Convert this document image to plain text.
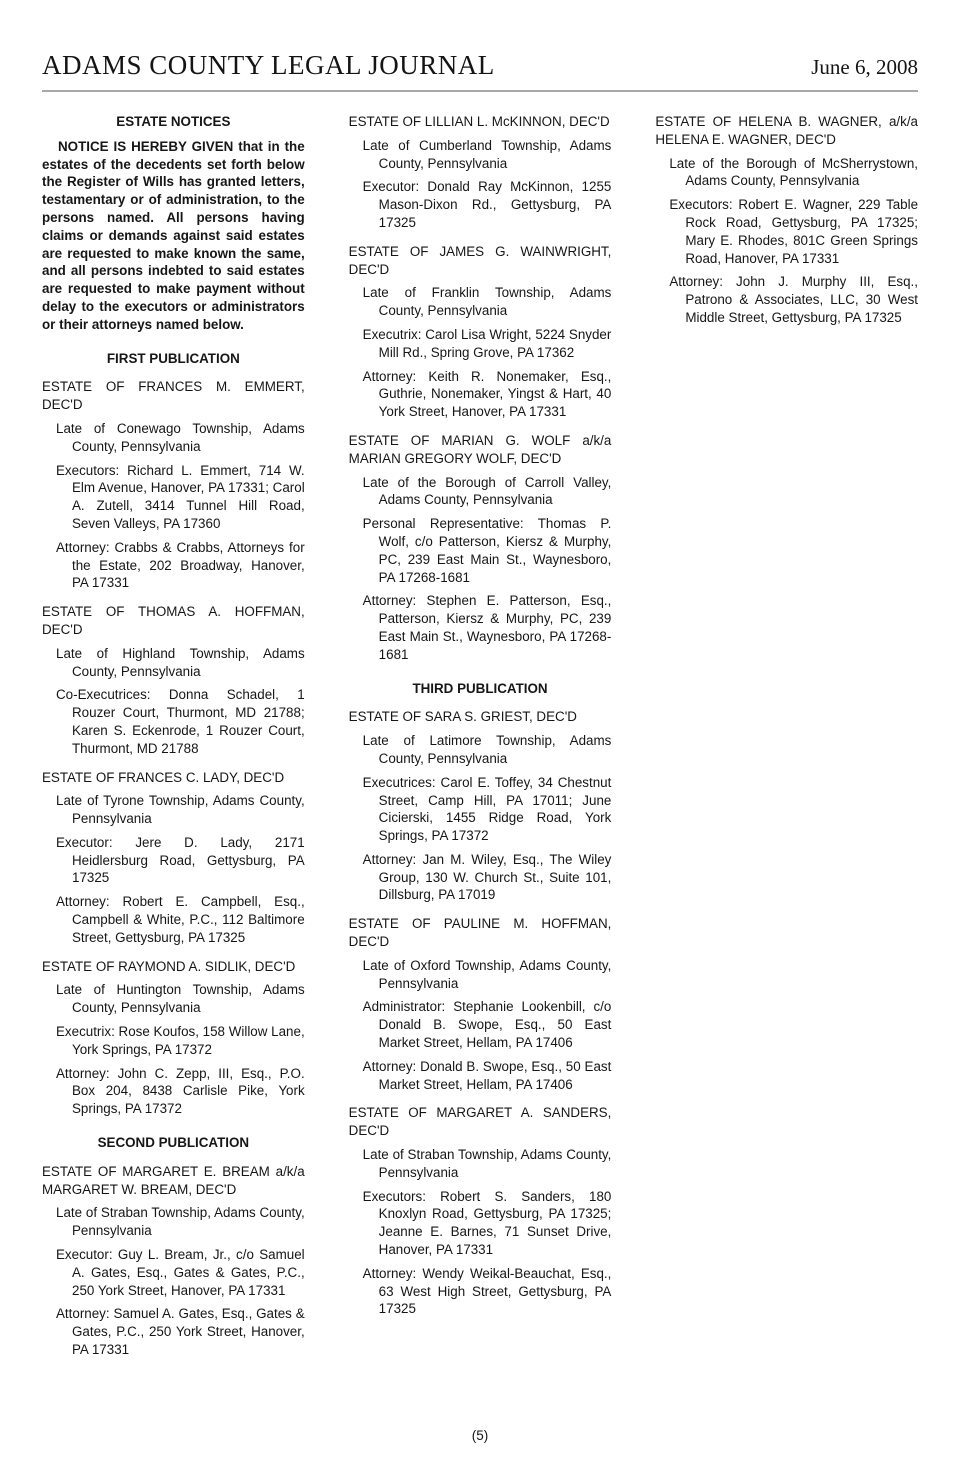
ADAMS COUNTY LEGAL JOURNAL	June 6, 2008
ESTATE NOTICES
NOTICE IS HEREBY GIVEN that in the estates of the decedents set forth below the Register of Wills has granted letters, testamentary or of administration, to the persons named. All persons having claims or demands against said estates are requested to make known the same, and all persons indebted to said estates are requested to make payment without delay to the executors or administrators or their attorneys named below.
FIRST PUBLICATION
ESTATE OF FRANCES M. EMMERT, DEC'D

Late of Conewago Township, Adams County, Pennsylvania

Executors: Richard L. Emmert, 714 W. Elm Avenue, Hanover, PA 17331; Carol A. Zutell, 3414 Tunnel Hill Road, Seven Valleys, PA 17360

Attorney: Crabbs & Crabbs, Attorneys for the Estate, 202 Broadway, Hanover, PA 17331

ESTATE OF THOMAS A. HOFFMAN, DEC'D

Late of Highland Township, Adams County, Pennsylvania

Co-Executrices: Donna Schadel, 1 Rouzer Court, Thurmont, MD 21788; Karen S. Eckenrode, 1 Rouzer Court, Thurmont, MD 21788

ESTATE OF FRANCES C. LADY, DEC'D

Late of Tyrone Township, Adams County, Pennsylvania

Executor: Jere D. Lady, 2171 Heidlersburg Road, Gettysburg, PA 17325

Attorney: Robert E. Campbell, Esq., Campbell & White, P.C., 112 Baltimore Street, Gettysburg, PA 17325

ESTATE OF RAYMOND A. SIDLIK, DEC'D

Late of Huntington Township, Adams County, Pennsylvania

Executrix: Rose Koufos, 158 Willow Lane, York Springs, PA 17372

Attorney: John C. Zepp, III, Esq., P.O. Box 204, 8438 Carlisle Pike, York Springs, PA 17372

SECOND PUBLICATION
ESTATE OF MARGARET E. BREAM a/k/a MARGARET W. BREAM, DEC'D

Late of Straban Township, Adams County, Pennsylvania

Executor: Guy L. Bream, Jr., c/o Samuel A. Gates, Esq., Gates & Gates, P.C., 250 York Street, Hanover, PA 17331

Attorney: Samuel A. Gates, Esq., Gates & Gates, P.C., 250 York Street, Hanover, PA 17331

ESTATE OF LILLIAN L. McKINNON, DEC'D

Late of Cumberland Township, Adams County, Pennsylvania

Executor: Donald Ray McKinnon, 1255 Mason-Dixon Rd., Gettysburg, PA 17325

ESTATE OF JAMES G. WAINWRIGHT, DEC'D

Late of Franklin Township, Adams County, Pennsylvania

Executrix: Carol Lisa Wright, 5224 Snyder Mill Rd., Spring Grove, PA 17362

Attorney: Keith R. Nonemaker, Esq., Guthrie, Nonemaker, Yingst & Hart, 40 York Street, Hanover, PA 17331

ESTATE OF MARIAN G. WOLF a/k/a MARIAN GREGORY WOLF, DEC'D

Late of the Borough of Carroll Valley, Adams County, Pennsylvania

Personal Representative: Thomas P. Wolf, c/o Patterson, Kiersz & Murphy, PC, 239 East Main St., Waynesboro, PA 17268-1681

Attorney: Stephen E. Patterson, Esq., Patterson, Kiersz & Murphy, PC, 239 East Main St., Waynesboro, PA 17268-1681

THIRD PUBLICATION
ESTATE OF SARA S. GRIEST, DEC'D

Late of Latimore Township, Adams County, Pennsylvania

Executrices: Carol E. Toffey, 34 Chestnut Street, Camp Hill, PA 17011; June Cicierski, 1455 Ridge Road, York Springs, PA 17372

Attorney: Jan M. Wiley, Esq., The Wiley Group, 130 W. Church St., Suite 101, Dillsburg, PA 17019

ESTATE OF PAULINE M. HOFFMAN, DEC'D

Late of Oxford Township, Adams County, Pennsylvania

Administrator: Stephanie Lookenbill, c/o Donald B. Swope, Esq., 50 East Market Street, Hellam, PA 17406

Attorney: Donald B. Swope, Esq., 50 East Market Street, Hellam, PA 17406

ESTATE OF MARGARET A. SANDERS, DEC'D

Late of Straban Township, Adams County, Pennsylvania

Executors: Robert S. Sanders, 180 Knoxlyn Road, Gettysburg, PA 17325; Jeanne E. Barnes, 71 Sunset Drive, Hanover, PA 17331

Attorney: Wendy Weikal-Beauchat, Esq., 63 West High Street, Gettysburg, PA 17325

ESTATE OF HELENA B. WAGNER, a/k/a HELENA E. WAGNER, DEC'D

Late of the Borough of McSherrystown, Adams County, Pennsylvania

Executors: Robert E. Wagner, 229 Table Rock Road, Gettysburg, PA 17325; Mary E. Rhodes, 801C Green Springs Road, Hanover, PA 17331

Attorney: John J. Murphy III, Esq., Patrono & Associates, LLC, 30 West Middle Street, Gettysburg, PA 17325

(5)
